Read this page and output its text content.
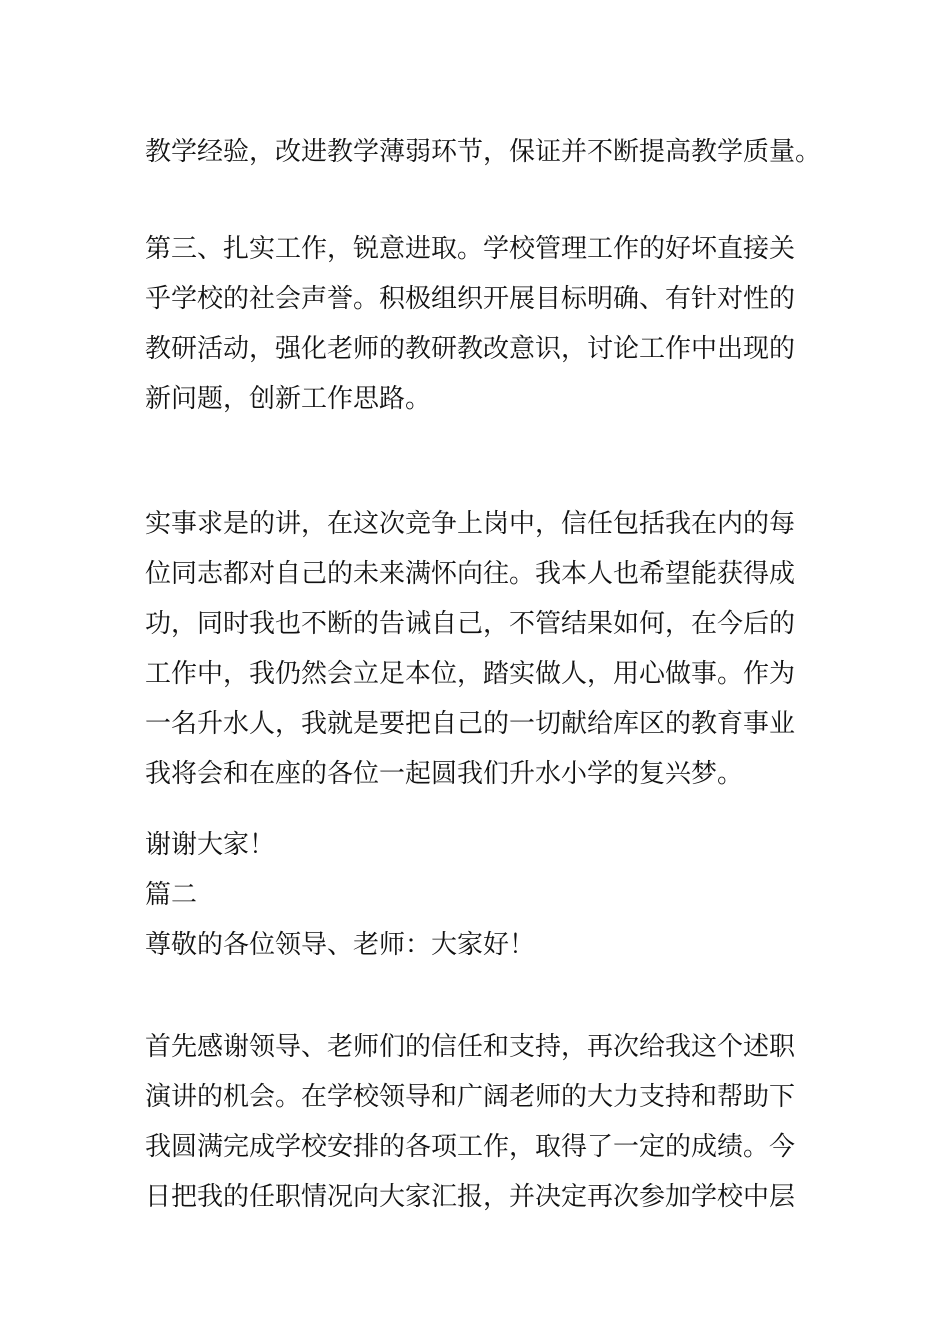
教学经验，改进教学薄弱环节，保证并不断提高教学质量。
第三、扎实工作，锐意进取。学校管理工作的好坏直接关
乎学校的社会声誉。积极组织开展目标明确、有针对性的
教研活动，强化老师的教研教改意识，讨论工作中出现的
新问题，创新工作思路。
实事求是的讲，在这次竞争上岗中，信任包括我在内的每
位同志都对自己的未来满怀向往。我本人也希望能获得成
功，同时我也不断的告诫自己，不管结果如何，在今后的
工作中，我仍然会立足本位，踏实做人，用心做事。作为
一名升水人，我就是要把自己的一切献给库区的教育事业
我将会和在座的各位一起圆我们升水小学的复兴梦。
谢谢大家！
篇二
尊敬的各位领导、老师：大家好！
首先感谢领导、老师们的信任和支持，再次给我这个述职
演讲的机会。在学校领导和广阔老师的大力支持和帮助下
我圆满完成学校安排的各项工作，取得了一定的成绩。今
日把我的任职情况向大家汇报，并决定再次参加学校中层
